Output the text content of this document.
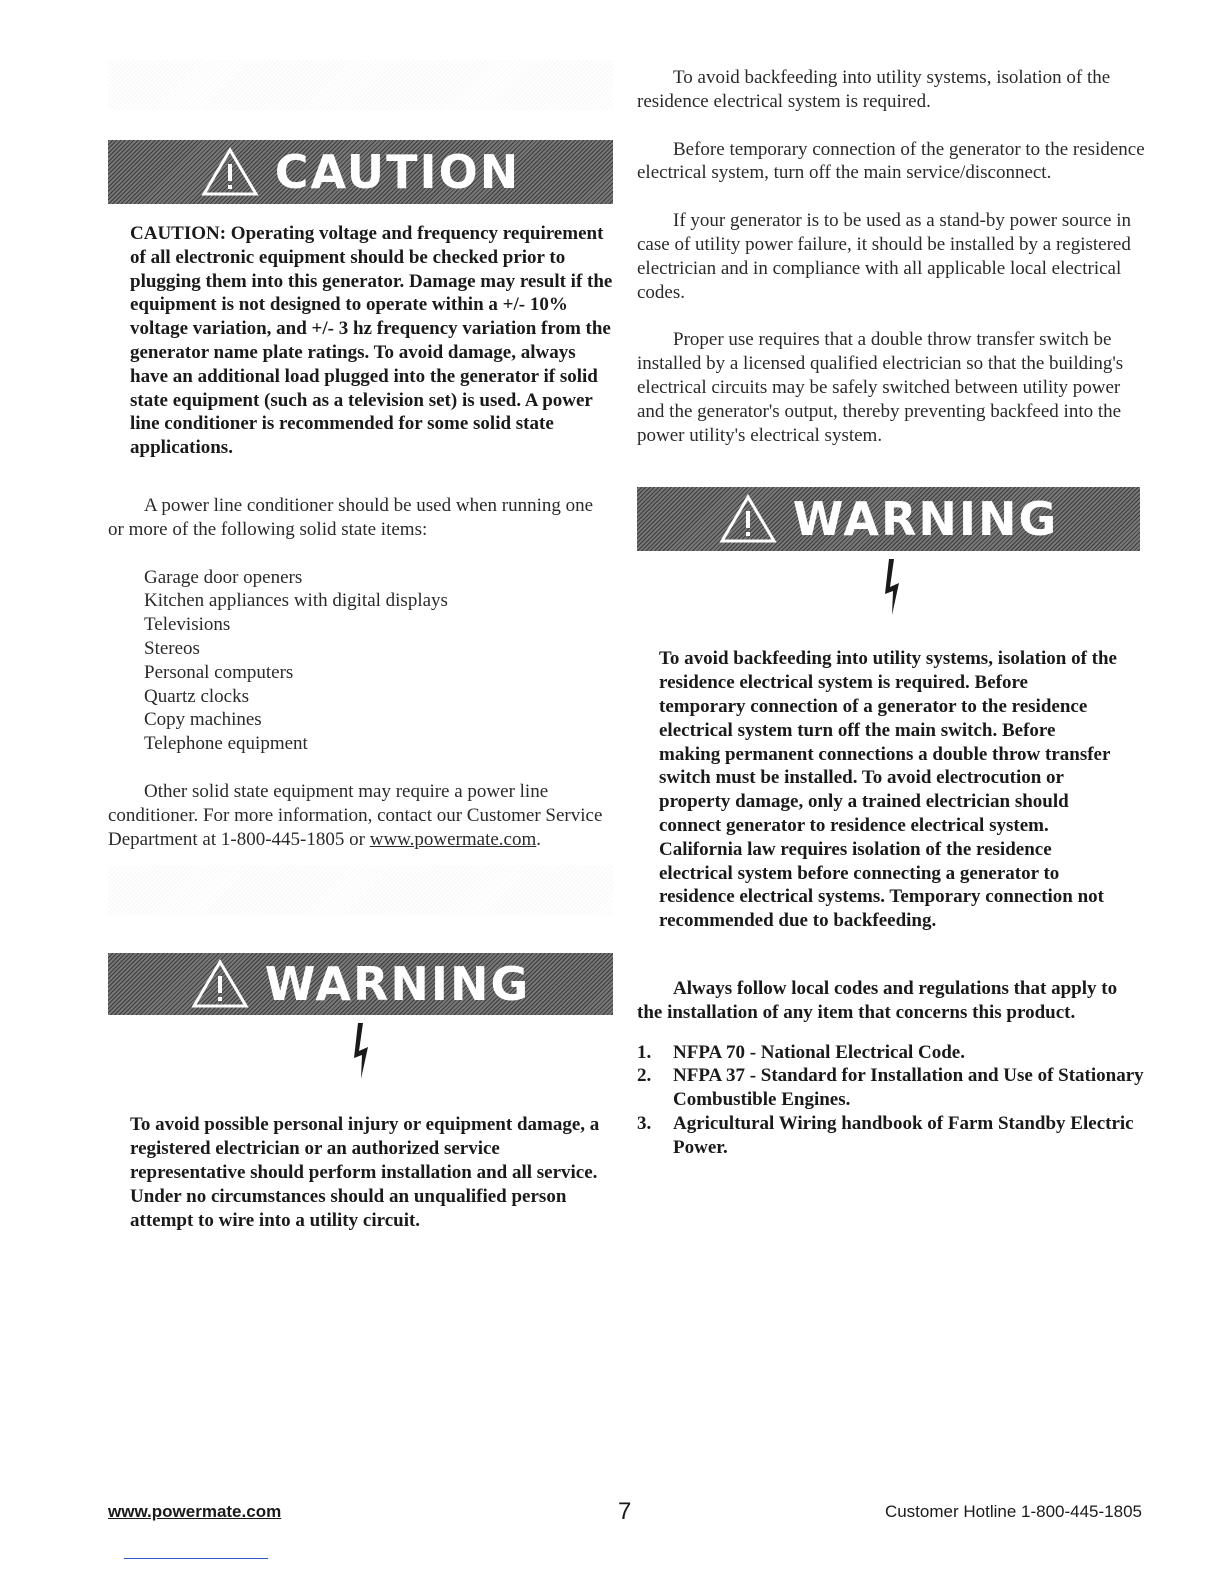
CAUTION

CAUTION: Operating voltage and frequency requirement of all electronic equipment should be checked prior to plugging them into this generator. Damage may result if the equipment is not designed to operate within a +/- 10% voltage variation, and +/- 3 hz frequency variation from the generator name plate ratings. To avoid damage, always have an additional load plugged into the generator if solid state equipment (such as a television set) is used. A power line conditioner is recommended for some solid state applications.

A power line conditioner should be used when running one or more of the following solid state items:

Garage door openers
Kitchen appliances with digital displays
Televisions
Stereos
Personal computers
Quartz clocks
Copy machines
Telephone equipment

Other solid state equipment may require a power line conditioner. For more information, contact our Customer Service Department at 1-800-445-1805 or www.powermate.com.

WARNING

To avoid possible personal injury or equipment damage, a registered electrician or an authorized service representative should perform installation and all service. Under no circumstances should an unqualified person attempt to wire into a utility circuit.

To avoid backfeeding into utility systems, isolation of the residence electrical system is required.

Before temporary connection of the generator to the residence electrical system, turn off the main service/disconnect.

If your generator is to be used as a stand-by power source in case of utility power failure, it should be installed by a registered electrician and in compliance with all applicable local electrical codes.

Proper use requires that a double throw transfer switch be installed by a licensed qualified electrician so that the building's electrical circuits may be safely switched between utility power and the generator's output, thereby preventing backfeed into the power utility's electrical system.

WARNING

To avoid backfeeding into utility systems, isolation of the residence electrical system is required. Before temporary connection of a generator to the residence electrical system turn off the main switch. Before making permanent connections a double throw transfer switch must be installed. To avoid electrocution or property damage, only a trained electrician should connect generator to residence electrical system. California law requires isolation of the residence electrical system before connecting a generator to residence electrical systems. Temporary connection not recommended due to backfeeding.

Always follow local codes and regulations that apply to the installation of any item that concerns this product.

1.	NFPA 70 - National Electrical Code.
2.	NFPA 37 - Standard for Installation and Use of Stationary Combustible Engines.
3.	Agricultural Wiring handbook of Farm Standby Electric Power.
www.powermate.com	7	Customer Hotline 1-800-445-1805
